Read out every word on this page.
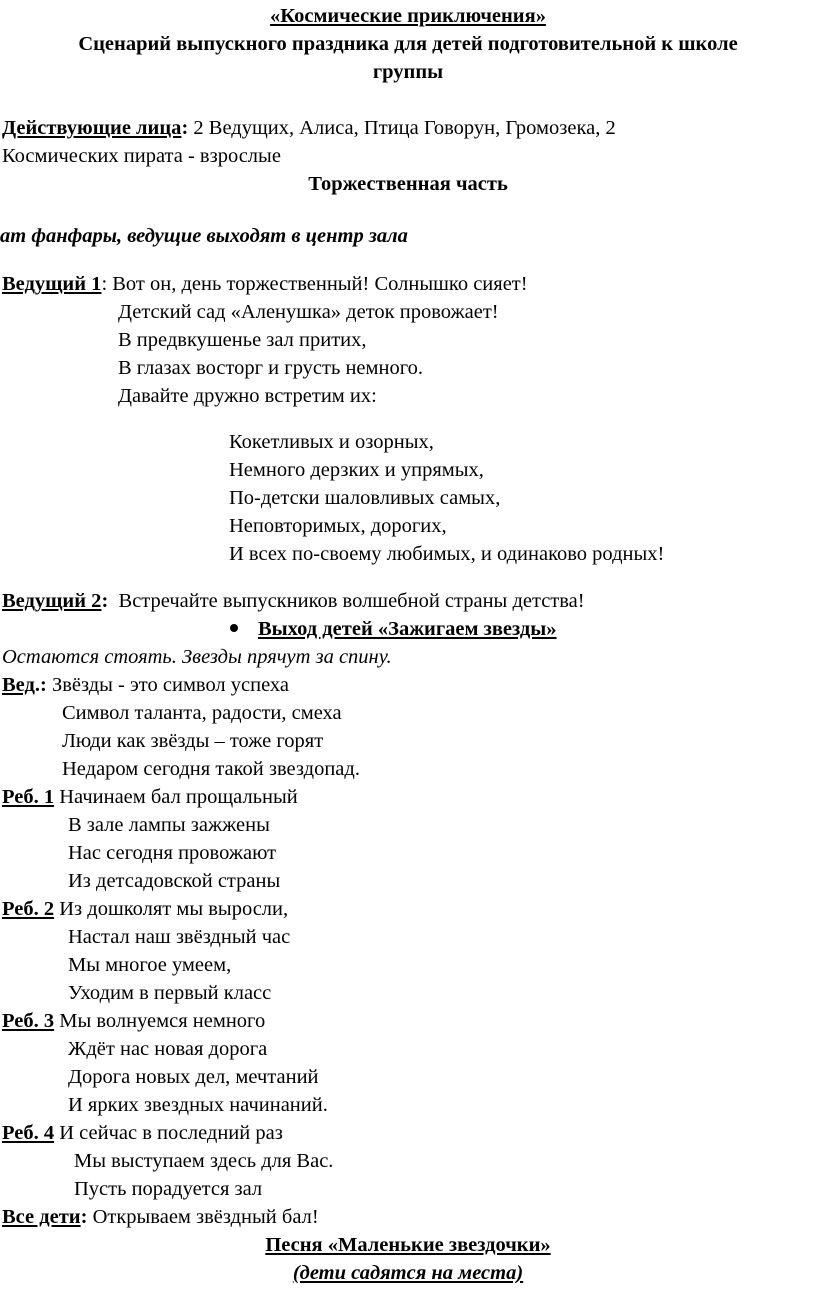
«Космические приключения»

Сценарий выпускного праздника для детей подготовительной к школе

группы

Действующие лица: 2 Ведущих, Алиса, Птица Говорун, Громозека, 2

Космических пирата - взрослые

Торжественная часть

ат фанфары, ведущие выходят в центр зала

Ведущий 1: Вот он, день торжественный! Солнышко сияет!

Детский сад «Аленушка» деток провожает!

В предвкушенье зал притих,

В глазах восторг и грусть немного.

Давайте дружно встретим их:

Кокетливых и озорных,

Немного дерзких и упрямых,

По-детски шаловливых самых,

Неповторимых, дорогих,

И всех по-своему любимых, и одинаково родных!

Ведущий 2:  Встречайте выпускников волшебной страны детства!

Выход детей «Зажигаем звезды»

Остаются стоять. Звезды прячут за спину.

Вед.: Звёзды - это символ успеха

Символ таланта, радости, смеха

Люди как звёзды – тоже горят

Недаром сегодня такой звездопад.

Реб. 1 Начинаем бал прощальный

В зале лампы зажжены

Нас сегодня провожают

Из детсадовской страны

Реб. 2 Из дошколят мы выросли,

Настал наш звёздный час

Мы многое умеем,

Уходим в первый класс

Реб. 3 Мы волнуемся немного

Ждёт нас новая дорога

Дорога новых дел, мечтаний

И ярких звездных начинаний.

Реб. 4 И сейчас в последний раз

Мы выступаем здесь для Вас.

Пусть порадуется зал

Все дети: Открываем звёздный бал!

Песня «Маленькие звездочки»

(дети садятся на места)
